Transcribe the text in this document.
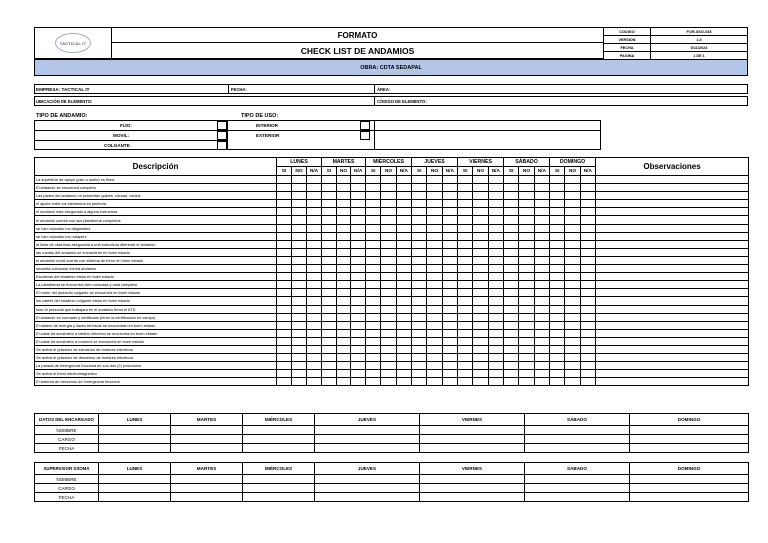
TACTICAL IT
FORMATO
CHECK LIST DE ANDAMIOS
CODIGO	FOR-SSO-045
VERSION	1.0
FECHA	5/11/2023
PAGINA	1 DE 1
OBRA: CDTA SEDAPAL
EMPRESA: TACTICAL IT	FECHA:	ÁREA:
UBICACIÓN DE ELEMENTO:	CÓDIGO DE ELEMENTO:
TIPO DE ANDAMIO:	TIPO DE USO:
FIJO:
MOVIL:
COLGANTE
INTERIOR
EXTERIOR
Descripción	LUNES			MARTES			MIÉRCOLES			JUEVES			VIERNES			SÁBADO			DOMINGO			Observaciones
	SI	NO	N/A	SI	NO	N/A	SI	NO	N/A	SI	NO	N/A	SI	NO	N/A	SI	NO	N/A	SI	NO	N/A	
La superficie de apoyo (piso o suelo) es firme																						
El andamio se encuentra completo																						
Las partes del andamio no presentan golpes, roturas, oxidos																						
el ajuste entre los elementos es perfecta																						
el andamio esta asegurado a alguna estructura																						
el andamio cuenta con sus plataforma completos																						
se han colocado los diagonales																						
se han colocado los rodapies																						
la linea de vida esta asegurada a una estructura diferente el andamio																						
las ruedas del andamio se encuentran en buen estado																						
el andamio movil cuenta con sistema de freno en buen estado																						
necesita colocarse contra andamio																						
Escaleras del andamio estan en buen estado																						
La plataforma se encuentra bien colocada y esta completa																						
El motor del andamio colgante se encuentra en buen estado																						
los cables del andamio colgante estan en buen estado																						
todo el personal que trabajara en el andamio firmo el ATS																						
El andamio es normado y certificado (tener la certificacion en campo)																						
El tablero de energia y llaves térmicas se encuentran en buen estado																						
El cable de suministro a tablero eléctrico se encuentra en buen estado																						
El cable de suministro a motores se encuentra en buen estado																						
Se activa el pulsador de elevación de motores eléctricos																						
Se activa el pulsador de descenso de motores eléctricos																						
La parada de emergencia funciona en sus dos (2) posiciones																						
Se activa el freno electromagnético																						
El sistema de descenso de emergencia funciona																						
DATOS DEL ENCARGADO	LUNES	MARTES	MIÉRCOLES	JUEVES	VIERNES	SÁBADO	DOMINGO
NOMBRE							
CARGO							
FECHA							
SUPERVISOR SSOMA	LUNES	MARTES	MIÉRCOLES	JUEVES	VIERNES	SÁBADO	DOMINGO
NOMBRE							
CARGO							
FECHA							
